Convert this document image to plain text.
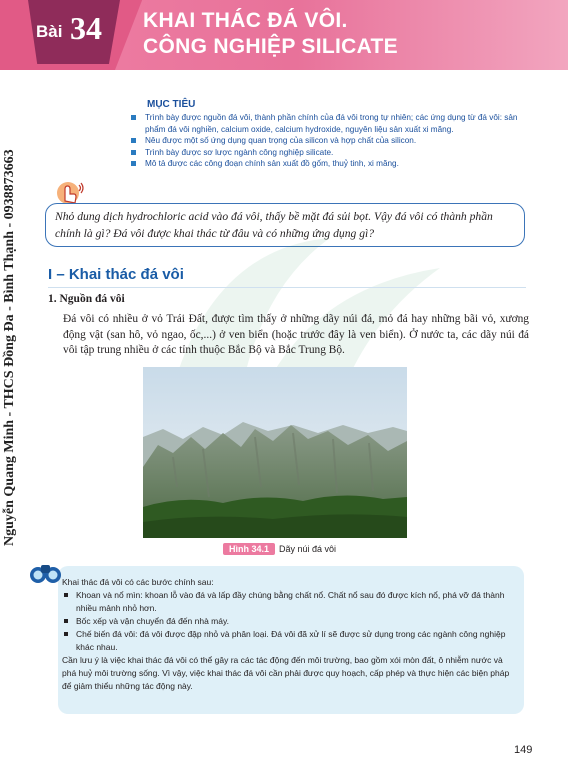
Bài 34 KHAI THÁC ĐÁ VÔI.
CÔNG NGHIỆP SILICATE
Nguyễn Quang Minh - THCS Đồng Đa - Bình Thạnh - 0938873663
MỤC TIÊU
Trình bày được nguồn đá vôi, thành phần chính của đá vôi trong tự nhiên; các ứng dụng từ đá vôi: sản phẩm đá vôi nghiền, calcium oxide, calcium hydroxide, nguyên liệu sản xuất xi măng.
Nêu được một số ứng dụng quan trọng của silicon và hợp chất của silicon.
Trình bày được sơ lược ngành công nghiệp silicate.
Mô tả được các công đoạn chính sản xuất đồ gốm, thuỷ tinh, xi măng.
Nhỏ dung dịch hydrochloric acid vào đá vôi, thấy bề mặt đá sủi bọt. Vậy đá vôi có thành phần chính là gì? Đá vôi được khai thác từ đâu và có những ứng dụng gì?
I – Khai thác đá vôi
1. Nguồn đá vôi
Đá vôi có nhiều ở vỏ Trái Đất, được tìm thấy ở những dãy núi đá, mỏ đá hay những bãi vỏ, xương động vật (san hô, vỏ ngao, ốc,...) ở ven biển (hoặc trước đây là ven biển). Ở nước ta, các dãy núi đá vôi tập trung nhiều ở các tỉnh thuộc Bắc Bộ và Bắc Trung Bộ.
Hình 34.1	Dãy núi đá vôi

Khai thác đá vôi có các bước chính sau:

Khoan và nổ mìn: khoan lỗ vào đá và lấp đầy chúng bằng chất nổ. Chất nổ sau đó được kích nổ, phá vỡ đá thành nhiều mảnh nhỏ hơn.
Bốc xếp và vận chuyển đá đến nhà máy.
Chế biến đá vôi: đá vôi được đập nhỏ và phân loại. Đá vôi đã xử lí sẽ được sử dụng trong các ngành công nghiệp khác nhau.

Cần lưu ý là việc khai thác đá vôi có thể gây ra các tác động đến môi trường, bao gồm xói mòn đất, ô nhiễm nước và phá huỷ môi trường sống. Vì vậy, việc khai thác đá vôi cần phải được quy hoạch, cấp phép và thực hiện các biện pháp để giảm thiểu những tác động này.

149
